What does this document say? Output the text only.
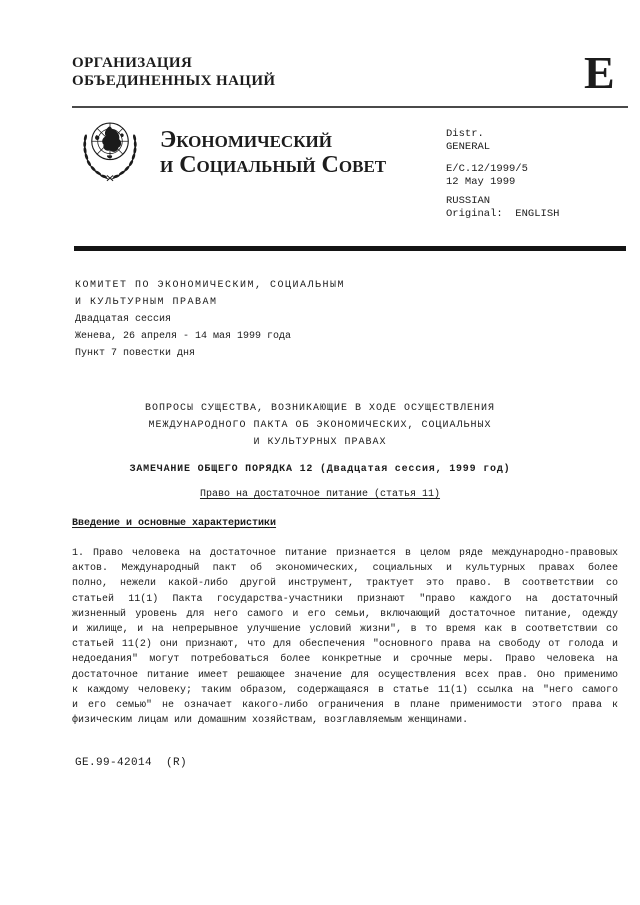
ОРГАНИЗАЦИЯ
ОБЪЕДИНЕННЫХ НАЦИЙ	E
Экономический
и Социальный Совет
Distr.
GENERAL
E/C.12/1999/5
12 May 1999
RUSSIAN
Original:  ENGLISH
КОМИТЕТ ПО ЭКОНОМИЧЕСКИМ, СОЦИАЛЬНЫМ
И КУЛЬТУРНЫМ ПРАВАМ
Двадцатая сессия
Женева, 26 апреля - 14 мая 1999 года
Пункт 7 повестки дня
ВОПРОСЫ СУЩЕСТВА, ВОЗНИКАЮЩИЕ В ХОДЕ ОСУЩЕСТВЛЕНИЯ
МЕЖДУНАРОДНОГО ПАКТА ОБ ЭКОНОМИЧЕСКИХ, СОЦИАЛЬНЫХ
И КУЛЬТУРНЫХ ПРАВАХ
ЗАМЕЧАНИЕ ОБЩЕГО ПОРЯДКА 12 (Двадцатая сессия, 1999 год)
Право на достаточное питание (статья 11)
Введение и основные характеристики
1. Право человека на достаточное питание признается в целом ряде международно-правовых
актов. Международный пакт об экономических, социальных и культурных правах более
полно, нежели какой-либо другой инструмент, трактует это право. В соответствии со
статьей 11(1) Пакта государства-участники признают "право каждого на достаточный
жизненный уровень для него самого и его семьи, включающий достаточное питание, одежду
и жилище, и на непрерывное улучшение условий жизни", в то время как в соответствии со
статьей 11(2) они признают, что для обеспечения "основного права на свободу от голода и
недоедания" могут потребоваться более конкретные и срочные меры. Право человека на
достаточное питание имеет решающее значение для осуществления всех прав. Оно применимо
к каждому человеку; таким образом, содержащаяся в статье 11(1) ссылка на "него самого
и его семью" не означает какого-либо ограничения в плане применимости этого права к
физическим лицам или домашним хозяйствам, возглавляемым женщинами.
GE.99-42014  (R)
